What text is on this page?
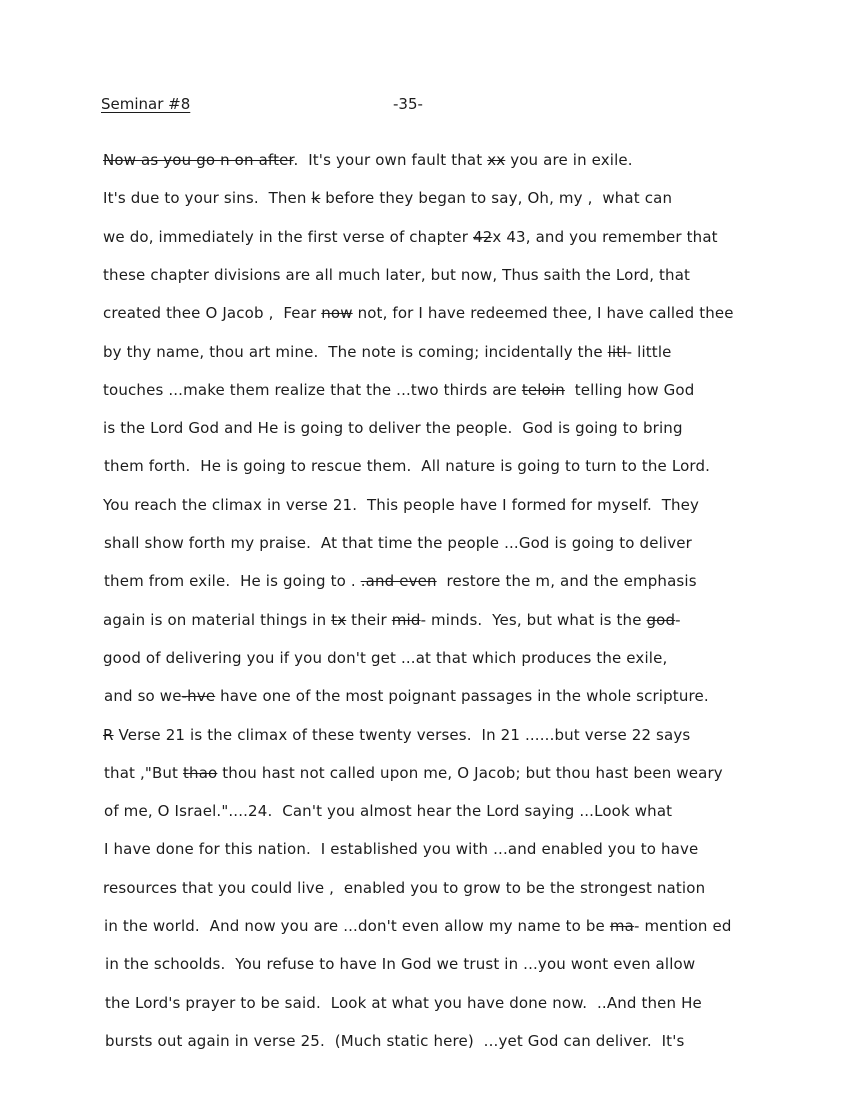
Seminar #8	-35-
Now as you go n on after.  It's your own fault that xx you are in exile.
It's due to your sins.  Then k before they began to say, Oh, my ,  what can
we do, immediately in the first verse of chapter 42x 43, and you remember that
these chapter divisions are all much later, but now, Thus saith the Lord, that
created thee O Jacob ,  Fear now not, for I have redeemed thee, I have called thee
by thy name, thou art mine.  The note is coming; incidentally the litl- little
touches ...make them realize that the ...two thirds are teloin  telling how God
is the Lord God and He is going to deliver the people.  God is going to bring
them forth.  He is going to rescue them.  All nature is going to turn to the Lord.
You reach the climax in verse 21.  This people have I formed for myself.  They
shall show forth my praise.  At that time the people ...God is going to deliver
them from exile.  He is going to . .and even  restore the m, and the emphasis
again is on material things in tx their mid- minds.  Yes, but what is the god-
good of delivering you if you don't get ...at that which produces the exile,
and so we-hve have one of the most poignant passages in the whole scripture.
R Verse 21 is the climax of these twenty verses.  In 21 ......but verse 22 says
that ,"But thao thou hast not called upon me, O Jacob; but thou hast been weary
of me, O Israel."....24.  Can't you almost hear the Lord saying ...Look what
I have done for this nation.  I established you with ...and enabled you to have
resources that you could live ,  enabled you to grow to be the strongest nation
in the world.  And now you are ...don't even allow my name to be ma- mention ed
in the schoolds.  You refuse to have In God we trust in ...you wont even allow
the Lord's prayer to be said.  Look at what you have done now.  ..And then He
bursts out again in verse 25.  (Much static here)  ...yet God can deliver.  It's
